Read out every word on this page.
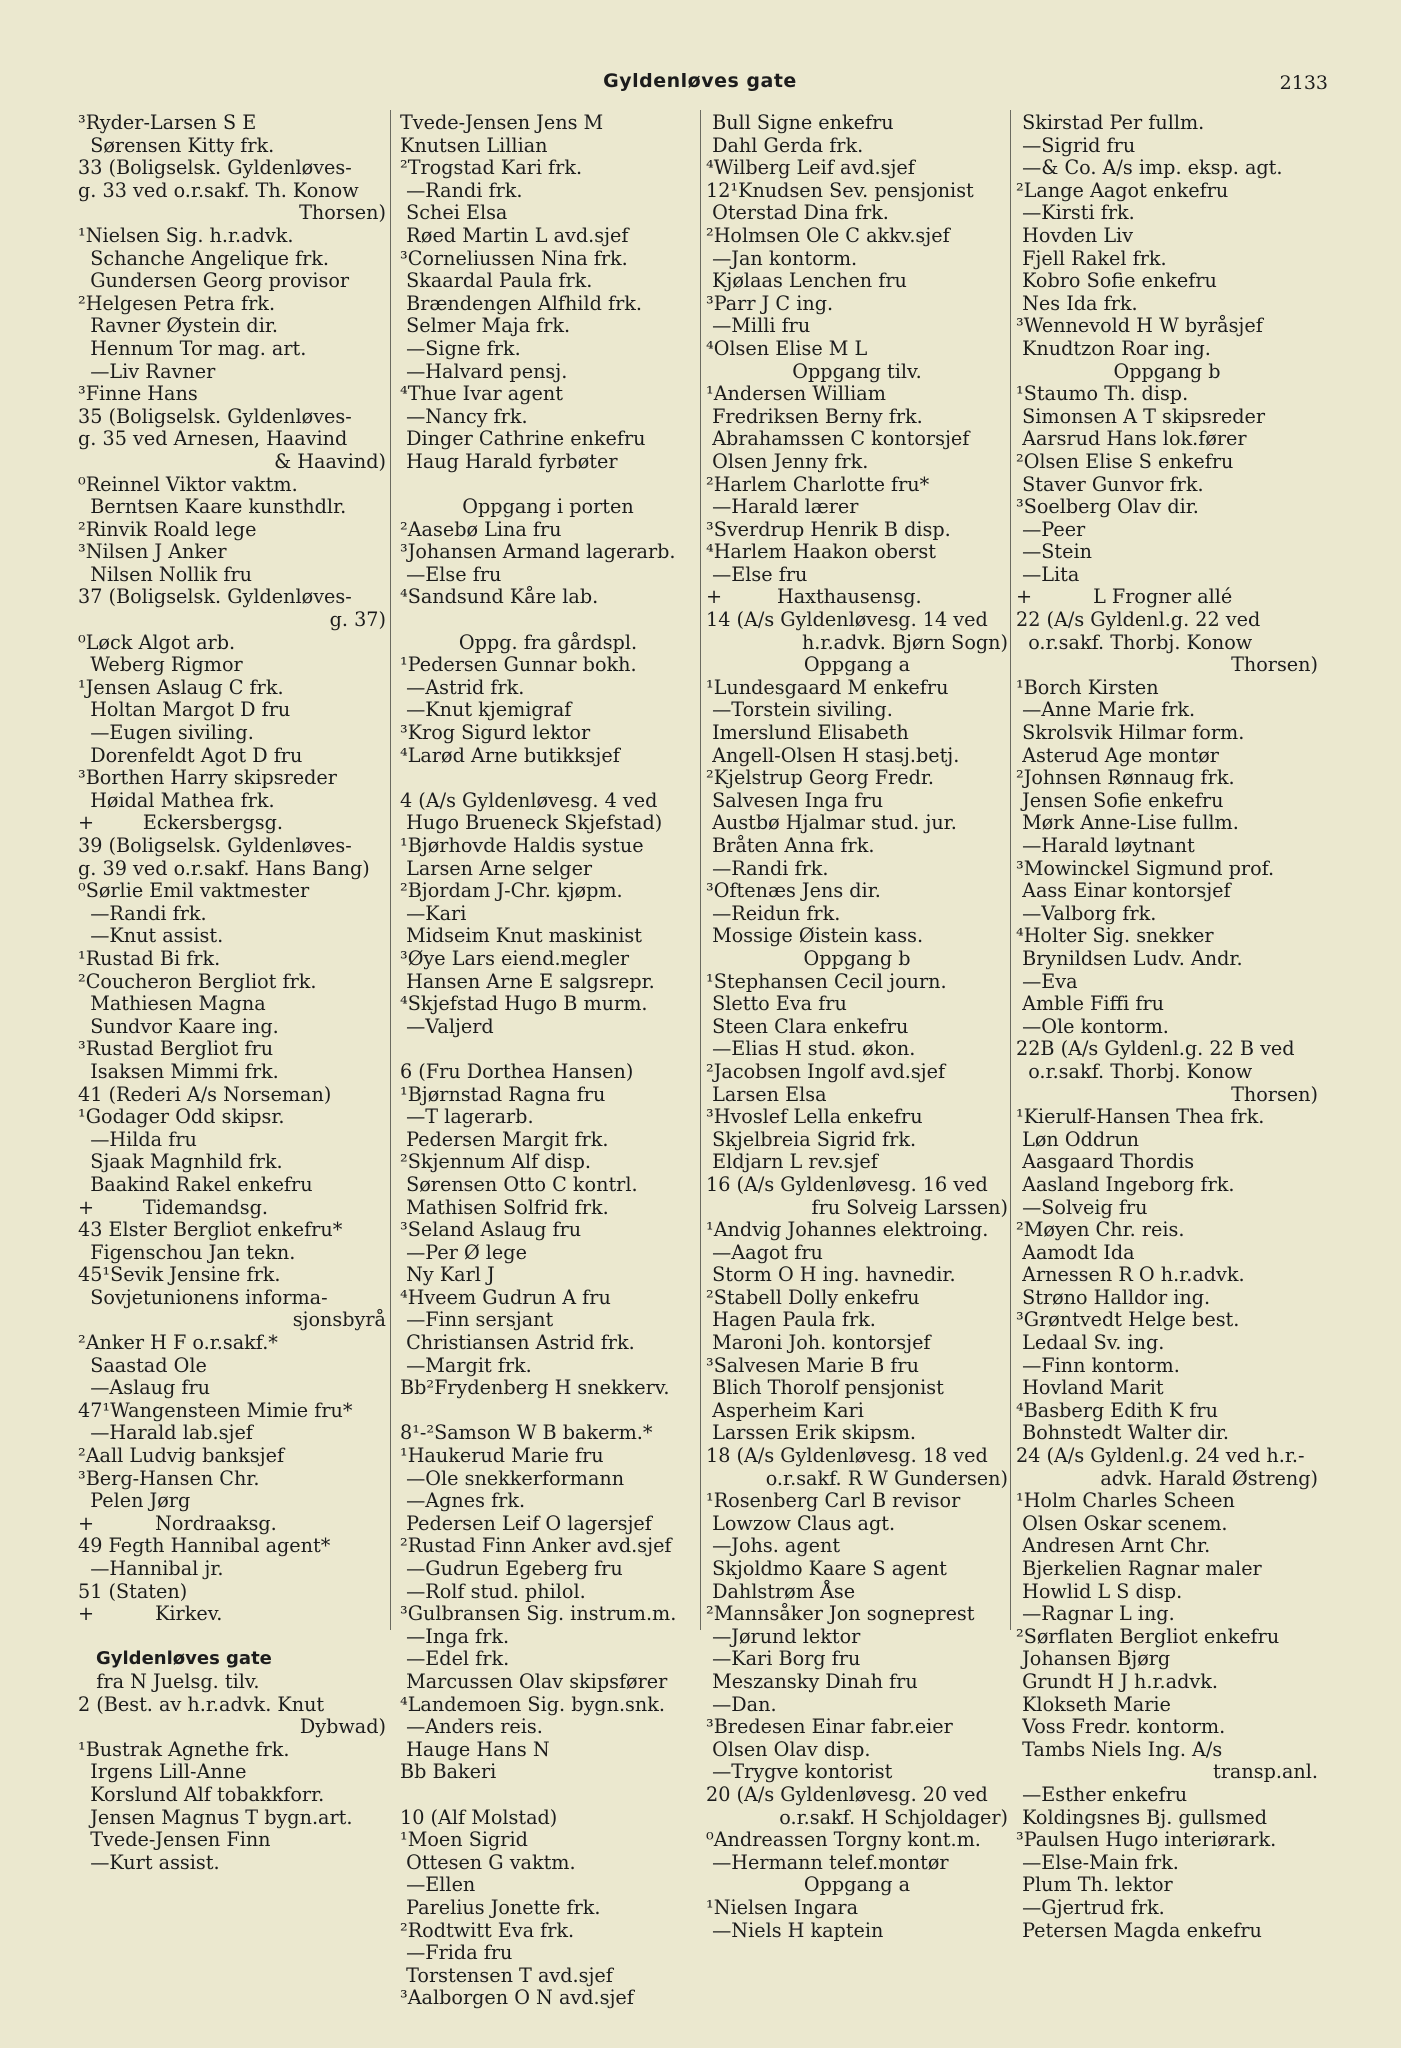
Gyldenløves gate	2133
³Ryder-Larsen S E
Sørensen Kitty frk.
33 (Boligselsk. Gyldenløves-
g. 33 ved o.r.sakf. Th. Konow
Thorsen)
¹Nielsen Sig. h.r.advk.
Schanche Angelique frk.
Gundersen Georg provisor
²Helgesen Petra frk.
Ravner Øystein dir.
Hennum Tor mag. art.
—Liv Ravner
³Finne Hans
35 (Boligselsk. Gyldenløves-
g. 35 ved Arnesen, Haavind
& Haavind)
⁰Reinnel Viktor vaktm.
Berntsen Kaare kunsthdlr.
²Rinvik Roald lege
³Nilsen J Anker
Nilsen Nollik fru
37 (Boligselsk. Gyldenløves-
g. 37)
⁰Løck Algot arb.
Weberg Rigmor
¹Jensen Aslaug C frk.
Holtan Margot D fru
—Eugen siviling.
Dorenfeldt Agot D fru
³Borthen Harry skipsreder
Høidal Mathea frk.
+        Eckersbergsg.
39 (Boligselsk. Gyldenløves-
g. 39 ved o.r.sakf. Hans Bang)
⁰Sørlie Emil vaktmester
—Randi frk.
—Knut assist.
¹Rustad Bi frk.
²Coucheron Bergliot frk.
Mathiesen Magna
Sundvor Kaare ing.
³Rustad Bergliot fru
Isaksen Mimmi frk.
41 (Rederi A/s Norseman)
¹Godager Odd skipsr.
—Hilda fru
Sjaak Magnhild frk.
Baakind Rakel enkefru
+        Tidemandsg.
43 Elster Bergliot enkefru*
Figenschou Jan tekn.
45¹Sevik Jensine frk.
Sovjetunionens informa-
sjonsbyrå
²Anker H F o.r.sakf.*
Saastad Ole
—Aslaug fru
47¹Wangensteen Mimie fru*
—Harald lab.sjef
²Aall Ludvig banksjef
³Berg-Hansen Chr.
Pelen Jørg
+          Nordraaksg.
49 Fegth Hannibal agent*
—Hannibal jr.
51 (Staten)
+          Kirkev.

Gyldenløves gate
fra N Juelsg. tilv.
2 (Best. av h.r.advk. Knut
Dybwad)
¹Bustrak Agnethe frk.
Irgens Lill-Anne
Korslund Alf tobakkforr.
Jensen Magnus T bygn.art.
Tvede-Jensen Finn
—Kurt assist.
Tvede-Jensen Jens M
Knutsen Lillian
²Trogstad Kari frk.
—Randi frk.
Schei Elsa
Røed Martin L avd.sjef
³Corneliussen Nina frk.
Skaardal Paula frk.
Brændengen Alfhild frk.
Selmer Maja frk.
—Signe frk.
—Halvard pensj.
⁴Thue Ivar agent
—Nancy frk.
Dinger Cathrine enkefru
Haug Harald fyrbøter

Oppgang i porten
²Aasebø Lina fru
³Johansen Armand lagerarb.
—Else fru
⁴Sandsund Kåre lab.

Oppg. fra gårdspl.
¹Pedersen Gunnar bokh.
—Astrid frk.
—Knut kjemigraf
³Krog Sigurd lektor
⁴Larød Arne butikksjef

4 (A/s Gyldenløvesg. 4 ved
Hugo Brueneck Skjefstad)
¹Bjørhovde Haldis systue
Larsen Arne selger
²Bjordam J-Chr. kjøpm.
—Kari
Midseim Knut maskinist
³Øye Lars eiend.megler
Hansen Arne E salgsrepr.
⁴Skjefstad Hugo B murm.
—Valjerd

6 (Fru Dorthea Hansen)
¹Bjørnstad Ragna fru
—T lagerarb.
Pedersen Margit frk.
²Skjennum Alf disp.
Sørensen Otto C kontrl.
Mathisen Solfrid frk.
³Seland Aslaug fru
—Per Ø lege
Ny Karl J
⁴Hveem Gudrun A fru
—Finn sersjant
Christiansen Astrid frk.
—Margit frk.
Bb²Frydenberg H snekkerv.

8¹-²Samson W B bakerm.*
¹Haukerud Marie fru
—Ole snekkerformann
—Agnes frk.
Pedersen Leif O lagersjef
²Rustad Finn Anker avd.sjef
—Gudrun Egeberg fru
—Rolf stud. philol.
³Gulbransen Sig. instrum.m.
—Inga frk.
—Edel frk.
Marcussen Olav skipsfører
⁴Landemoen Sig. bygn.snk.
—Anders reis.
Hauge Hans N
Bb Bakeri

10 (Alf Molstad)
¹Moen Sigrid
Ottesen G vaktm.
—Ellen
Parelius Jonette frk.
²Rodtwitt Eva frk.
—Frida fru
Torstensen T avd.sjef
³Aalborgen O N avd.sjef
Bull Signe enkefru
Dahl Gerda frk.
⁴Wilberg Leif avd.sjef
12¹Knudsen Sev. pensjonist
Oterstad Dina frk.
²Holmsen Ole C akkv.sjef
—Jan kontorm.
Kjølaas Lenchen fru
³Parr J C ing.
—Milli fru
⁴Olsen Elise M L
Oppgang tilv.
¹Andersen William
Fredriksen Berny frk.
Abrahamssen C kontorsjef
Olsen Jenny frk.
²Harlem Charlotte fru*
—Harald lærer
³Sverdrup Henrik B disp.
⁴Harlem Haakon oberst
—Else fru
+         Haxthausensg.
14 (A/s Gyldenløvesg. 14 ved
h.r.advk. Bjørn Sogn)
Oppgang a
¹Lundesgaard M enkefru
—Torstein siviling.
Imerslund Elisabeth
Angell-Olsen H stasj.betj.
²Kjelstrup Georg Fredr.
Salvesen Inga fru
Austbø Hjalmar stud. jur.
Bråten Anna frk.
—Randi frk.
³Oftenæs Jens dir.
—Reidun frk.
Mossige Øistein kass.
Oppgang b
¹Stephansen Cecil journ.
Sletto Eva fru
Steen Clara enkefru
—Elias H stud. økon.
²Jacobsen Ingolf avd.sjef
Larsen Elsa
³Hvoslef Lella enkefru
Skjelbreia Sigrid frk.
Eldjarn L rev.sjef
16 (A/s Gyldenløvesg. 16 ved
fru Solveig Larssen)
¹Andvig Johannes elektroing.
—Aagot fru
Storm O H ing. havnedir.
²Stabell Dolly enkefru
Hagen Paula frk.
Maroni Joh. kontorsjef
³Salvesen Marie B fru
Blich Thorolf pensjonist
Asperheim Kari
Larssen Erik skipsm.
18 (A/s Gyldenløvesg. 18 ved
o.r.sakf. R W Gundersen)
¹Rosenberg Carl B revisor
Lowzow Claus agt.
—Johs. agent
Skjoldmo Kaare S agent
Dahlstrøm Åse
²Mannsåker Jon sogneprest
—Jørund lektor
—Kari Borg fru
Meszansky Dinah fru
—Dan.
³Bredesen Einar fabr.eier
Olsen Olav disp.
—Trygve kontorist
20 (A/s Gyldenløvesg. 20 ved
o.r.sakf. H Schjoldager)
⁰Andreassen Torgny kont.m.
—Hermann telef.montør
Oppgang a
¹Nielsen Ingara
—Niels H kaptein
Skirstad Per fullm.
—Sigrid fru
—& Co. A/s imp. eksp. agt.
²Lange Aagot enkefru
—Kirsti frk.
Hovden Liv
Fjell Rakel frk.
Kobro Sofie enkefru
Nes Ida frk.
³Wennevold H W byråsjef
Knudtzon Roar ing.
Oppgang b
¹Staumo Th. disp.
Simonsen A T skipsreder
Aarsrud Hans lok.fører
²Olsen Elise S enkefru
Staver Gunvor frk.
³Soelberg Olav dir.
—Peer
—Stein
—Lita
+          L Frogner allé
22 (A/s Gyldenl.g. 22 ved
o.r.sakf. Thorbj. Konow
Thorsen)
¹Borch Kirsten
—Anne Marie frk.
Skrolsvik Hilmar form.
Asterud Age montør
²Johnsen Rønnaug frk.
Jensen Sofie enkefru
Mørk Anne-Lise fullm.
—Harald løytnant
³Mowinckel Sigmund prof.
Aass Einar kontorsjef
—Valborg frk.
⁴Holter Sig. snekker
Brynildsen Ludv. Andr.
—Eva
Amble Fiffi fru
—Ole kontorm.
22B (A/s Gyldenl.g. 22 B ved
o.r.sakf. Thorbj. Konow
Thorsen)
¹Kierulf-Hansen Thea frk.
Løn Oddrun
Aasgaard Thordis
Aasland Ingeborg frk.
—Solveig fru
²Møyen Chr. reis.
Aamodt Ida
Arnessen R O h.r.advk.
Strøno Halldor ing.
³Grøntvedt Helge best.
Ledaal Sv. ing.
—Finn kontorm.
Hovland Marit
⁴Basberg Edith K fru
Bohnstedt Walter dir.
24 (A/s Gyldenl.g. 24 ved h.r.-
advk. Harald Østreng)
¹Holm Charles Scheen
Olsen Oskar scenem.
Andresen Arnt Chr.
Bjerkelien Ragnar maler
Howlid L S disp.
—Ragnar L ing.
²Sørflaten Bergliot enkefru
Johansen Bjørg
Grundt H J h.r.advk.
Klokseth Marie
Voss Fredr. kontorm.
Tambs Niels Ing. A/s
transp.anl.
—Esther enkefru
Koldingsnes Bj. gullsmed
³Paulsen Hugo interiørark.
—Else-Main frk.
Plum Th. lektor
—Gjertrud frk.
Petersen Magda enkefru
